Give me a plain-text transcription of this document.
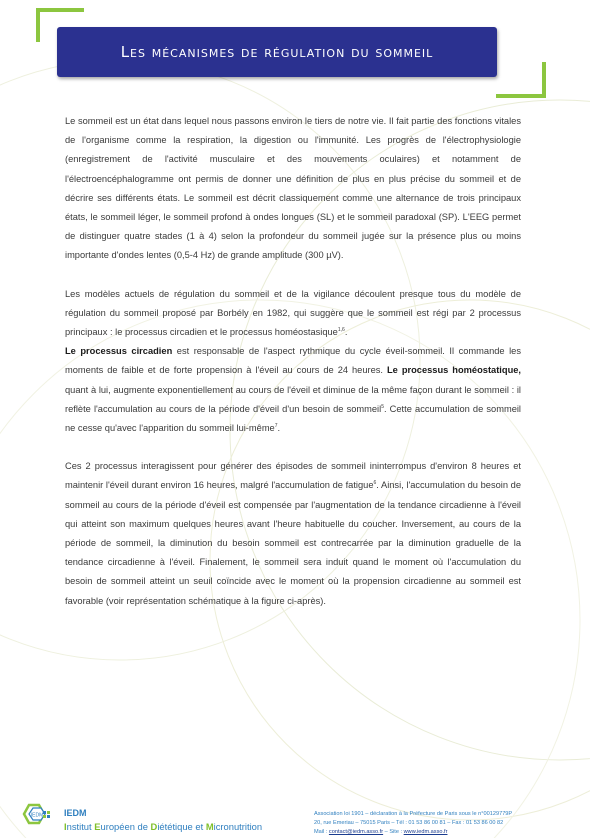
Les mécanismes de régulation du sommeil

Le sommeil est un état dans lequel nous passons environ le tiers de notre vie. Il fait partie des fonctions vitales de l'organisme comme la respiration, la digestion ou l'immunité. Les progrès de l'électrophysiologie (enregistrement de l'activité musculaire et des mouvements oculaires) et notamment de l'électroencéphalogramme ont permis de donner une définition de plus en plus précise du sommeil et de décrire ses différents états. Le sommeil est décrit classiquement comme une alternance de trois principaux états, le sommeil léger, le sommeil profond à ondes longues (SL) et le sommeil paradoxal (SP). L'EEG permet de distinguer quatre stades (1 à 4) selon la profondeur du sommeil jugée sur la présence plus ou moins importante d'ondes lentes (0,5-4 Hz) de grande amplitude (300 µV).

Les modèles actuels de régulation du sommeil et de la vigilance découlent presque tous du modèle de régulation du sommeil proposé par Borbély en 1982, qui suggère que le sommeil est régi par 2 processus principaux : le processus circadien et le processus homéostasique$^{1,6}$.

Le processus circadien est responsable de l'aspect rythmique du cycle éveil-sommeil. Il commande les moments de faible et de forte propension à l'éveil au cours de 24 heures. Le processus homéostatique, quant à lui, augmente exponentiellement au cours de l'éveil et diminue de la même façon durant le sommeil : il reflète l'accumulation au cours de la période d'éveil d'un besoin de sommeil$^5$. Cette accumulation de sommeil ne cesse qu'avec l'apparition du sommeil lui-même$^7$.

Ces 2 processus interagissent pour générer des épisodes de sommeil ininterrompus d'environ 8 heures et maintenir l'éveil durant environ 16 heures, malgré l'accumulation de fatigue$^6$. Ainsi, l'accumulation du besoin de sommeil au cours de la période d'éveil est compensée par l'augmentation de la tendance circadienne à l'éveil qui atteint son maximum quelques heures avant l'heure habituelle du coucher. Inversement, au cours de la période de sommeil, la diminution du besoin sommeil est contrecarrée par la diminution graduelle de la tendance circadienne à l'éveil. Finalement, le sommeil sera induit quand le moment où l'accumulation du besoin de sommeil atteint un seuil coïncide avec le moment où la propension circadienne au sommeil est favorable (voir représentation schématique à la figure ci-après).

IEDM IEDM
Institut Européen de Diététique et Micronutrition
Association loi 1901 – déclaration à la Préfecture de Paris sous le n°00129779P
20, rue Emeriau – 75015 Paris – Tél : 01 53 86 00 81 – Fax : 01 53 86 00 82
Mail : contact@iedm.asso.fr – Site : www.iedm.asso.fr
